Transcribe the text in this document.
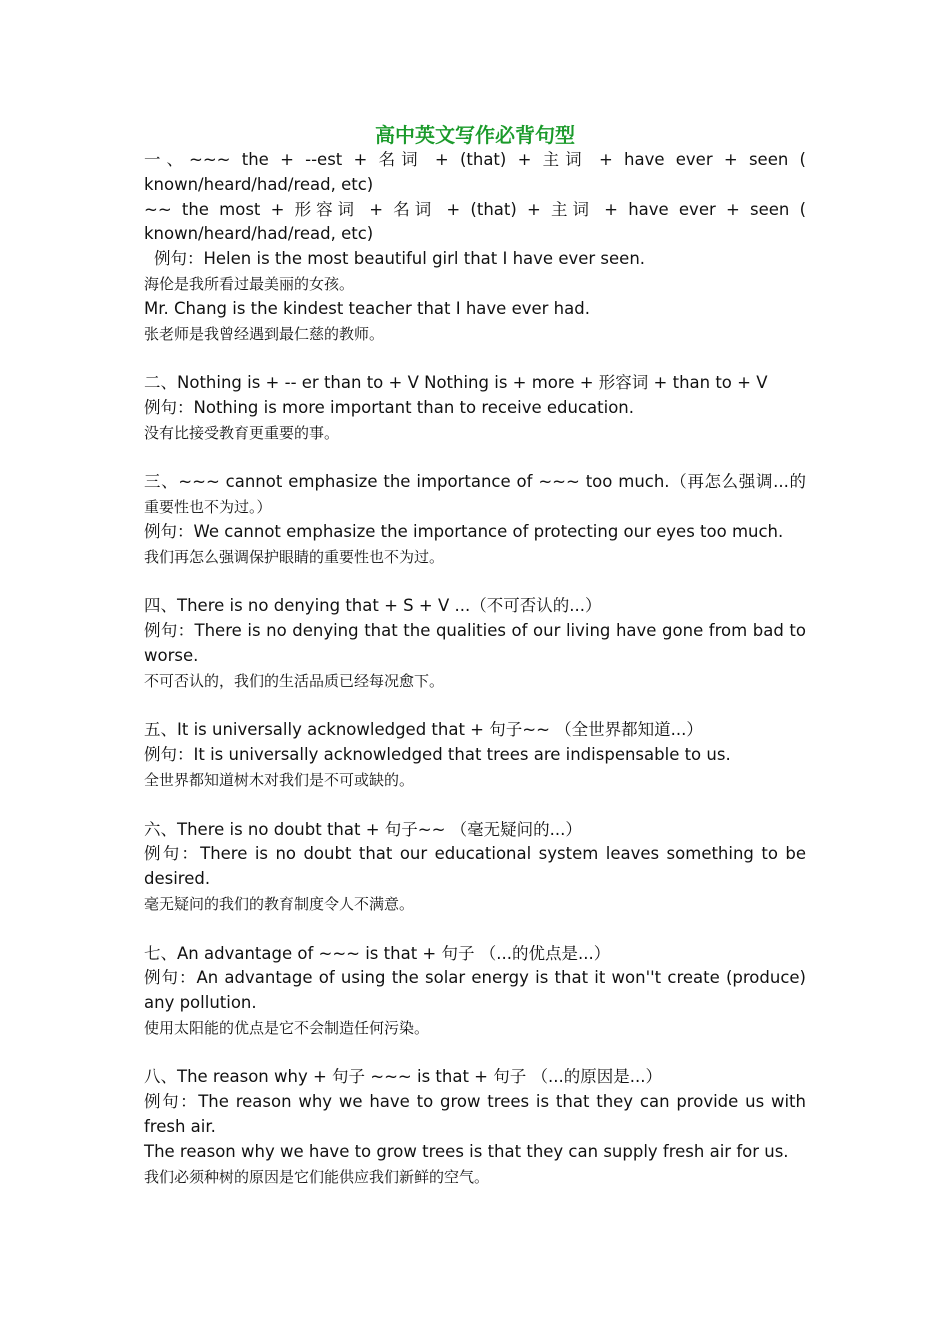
高中英文写作必背句型

一、~~~ the + --est + 名词 + (that) + 主词 + have ever + seen (

known/heard/had/read, etc)

~~ the most + 形容词 + 名词 + (that) + 主词 + have ever + seen (

known/heard/had/read, etc)

例句：Helen is the most beautiful girl that I have ever seen.

海伦是我所看过最美丽的女孩。

Mr. Chang is the kindest teacher that I have ever had.

张老师是我曾经遇到最仁慈的教师。

二、Nothing is + -- er than to + V Nothing is + more + 形容词 + than to + V

例句：Nothing is more important than to receive education.

没有比接受教育更重要的事。

三、~~~ cannot emphasize the importance of ~~~ too much.（再怎么强调...的

重要性也不为过。）

例句：We cannot emphasize the importance of protecting our eyes too much.

我们再怎么强调保护眼睛的重要性也不为过。

四、There is no denying that + S + V ...（不可否认的...）

例句：There is no denying that the qualities of our living have gone from bad to

worse.

不可否认的，我们的生活品质已经每况愈下。

五、It is universally acknowledged that + 句子~~ （全世界都知道...）

例句：It is universally acknowledged that trees are indispensable to us.

全世界都知道树木对我们是不可或缺的。

六、There is no doubt that + 句子~~ （毫无疑问的...）

例句：There is no doubt that our educational system leaves something to be

desired.

毫无疑问的我们的教育制度令人不满意。

七、An advantage of ~~~ is that + 句子 （...的优点是...）

例句：An advantage of using the solar energy is that it won''t create (produce)

any pollution.

使用太阳能的优点是它不会制造任何污染。

八、The reason why + 句子 ~~~ is that + 句子 （...的原因是...）

例句：The reason why we have to grow trees is that they can provide us with

fresh air.

The reason why we have to grow trees is that they can supply fresh air for us.

我们必须种树的原因是它们能供应我们新鲜的空气。
